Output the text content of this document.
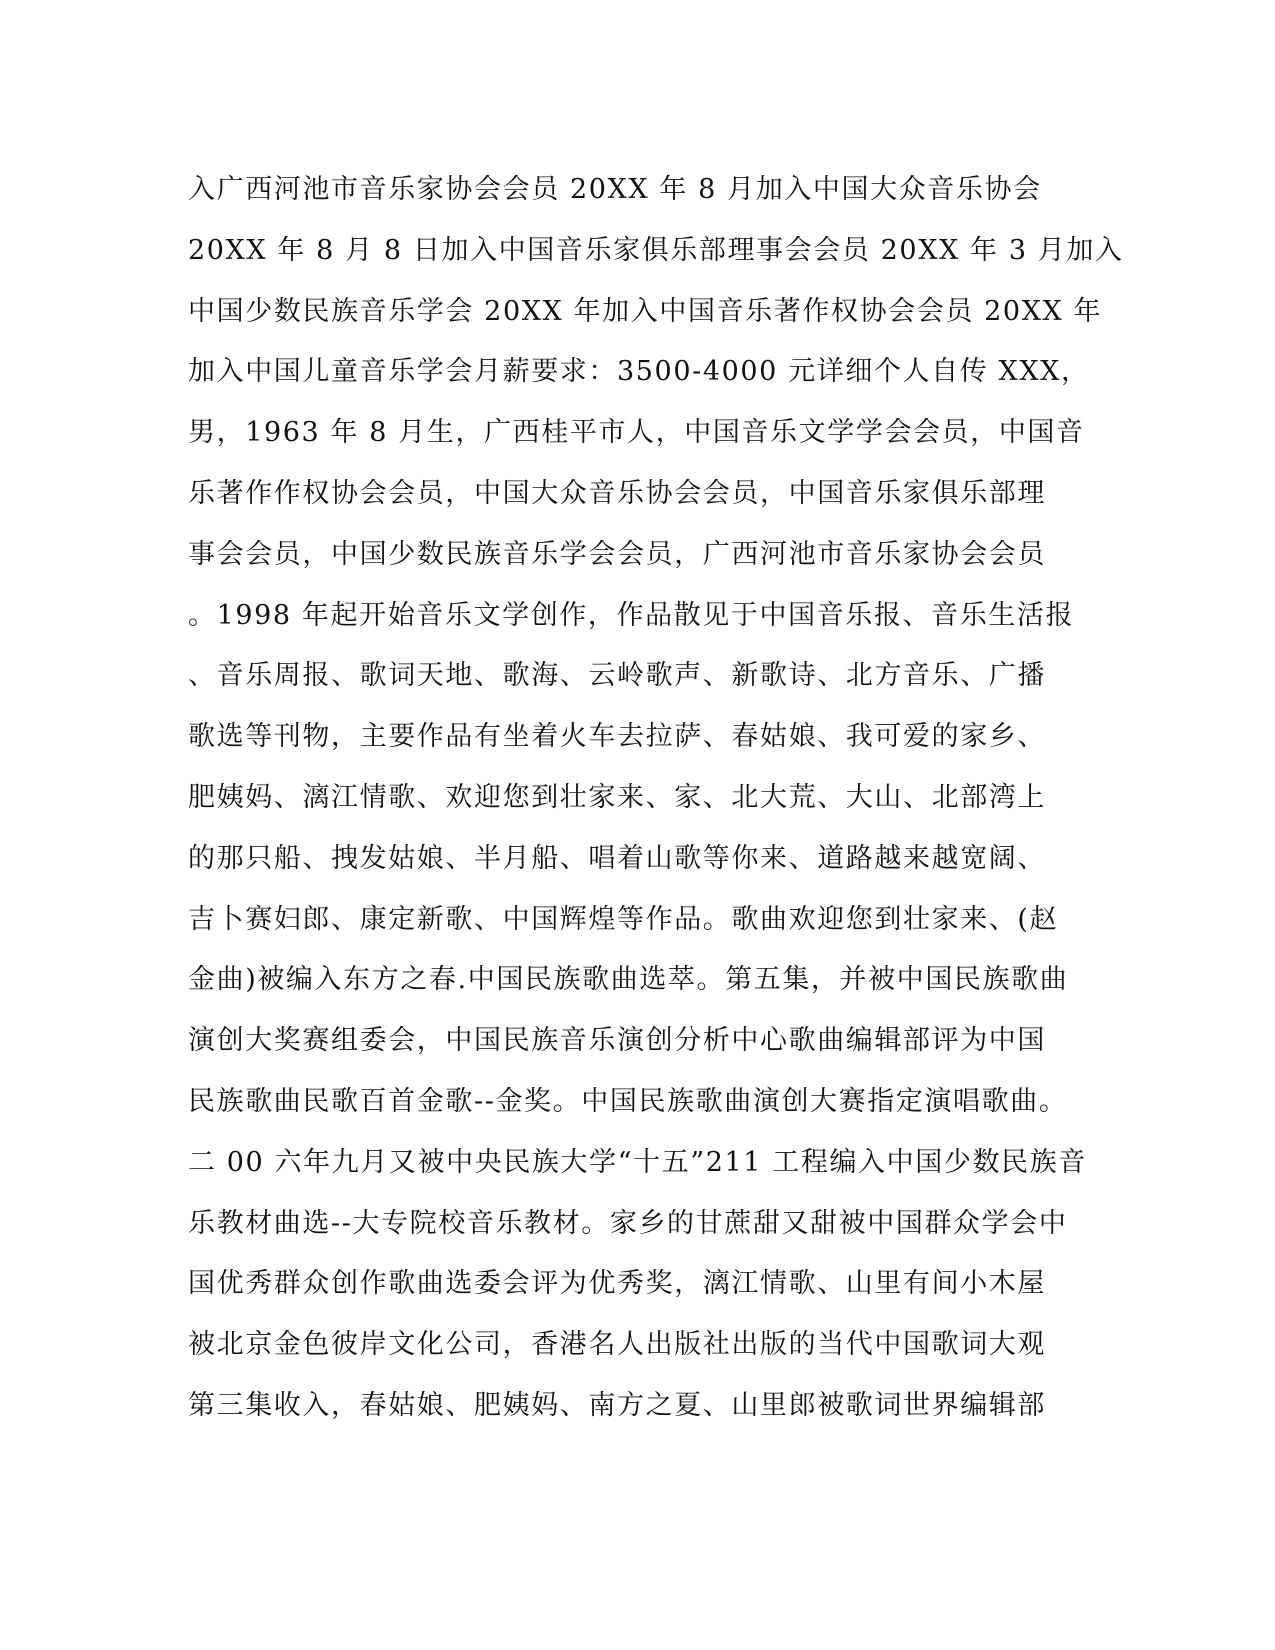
入广西河池市音乐家协会会员 20XX 年 8 月加入中国大众音乐协会
20XX 年 8 月 8 日加入中国音乐家俱乐部理事会会员 20XX 年 3 月加入
中国少数民族音乐学会 20XX 年加入中国音乐著作权协会会员 20XX 年
加入中国儿童音乐学会月薪要求：3500-4000 元详细个人自传 XXX，
男，1963 年 8 月生，广西桂平市人，中国音乐文学学会会员，中国音
乐著作作权协会会员，中国大众音乐协会会员，中国音乐家俱乐部理
事会会员，中国少数民族音乐学会会员，广西河池市音乐家协会会员
。1998 年起开始音乐文学创作，作品散见于中国音乐报、音乐生活报
、音乐周报、歌词天地、歌海、云岭歌声、新歌诗、北方音乐、广播
歌选等刊物，主要作品有坐着火车去拉萨、春姑娘、我可爱的家乡、
肥姨妈、漓江情歌、欢迎您到壮家来、家、北大荒、大山、北部湾上
的那只船、拽发姑娘、半月船、唱着山歌等你来、道路越来越宽阔、
吉卜赛妇郎、康定新歌、中国辉煌等作品。歌曲欢迎您到壮家来、(赵
金曲)被编入东方之春.中国民族歌曲选萃。第五集，并被中国民族歌曲
演创大奖赛组委会，中国民族音乐演创分析中心歌曲编辑部评为中国
民族歌曲民歌百首金歌--金奖。中国民族歌曲演创大赛指定演唱歌曲。
二 00 六年九月又被中央民族大学“十五”211 工程编入中国少数民族音
乐教材曲选--大专院校音乐教材。家乡的甘蔗甜又甜被中国群众学会中
国优秀群众创作歌曲选委会评为优秀奖，漓江情歌、山里有间小木屋
被北京金色彼岸文化公司，香港名人出版社出版的当代中国歌词大观
第三集收入，春姑娘、肥姨妈、南方之夏、山里郎被歌词世界编辑部
